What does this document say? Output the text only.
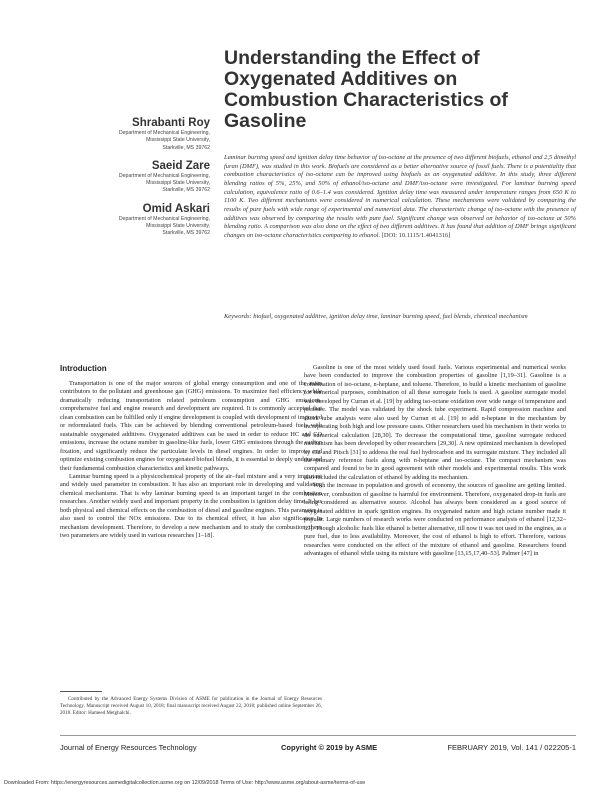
Understanding the Effect of Oxygenated Additives on Combustion Characteristics of Gasoline
Shrabanti Roy
Department of Mechanical Engineering,
Mississippi State University,
Starkville, MS 39762
Saeid Zare
Department of Mechanical Engineering,
Mississippi State University,
Starkville, MS 39762
Omid Askari
Department of Mechanical Engineering,
Mississippi State University,
Starkville, MS 39762

Laminar burning speed and ignition delay time behavior of iso-octane at the presence of two different biofuels, ethanol and 2,5 dimethyl furan (DMF), was studied in this work. Biofuels are considered as a better alternative source of fossil fuels. There is a potentiality that combustion characteristics of iso-octane can be improved using biofuels as an oxygenated additive. In this study, three different blending ratios of 5%, 25%, and 50% of ethanol/iso-octane and DMF/iso-octane were investigated. For laminar burning speed calculation, equivalence ratio of 0.6–1.4 was considered. Ignition delay time was measured under temperature ranges from 650 K to 1100 K. Two different mechanisms were considered in numerical calculation. These mechanisms were validated by comparing the results of pure fuels with wide range of experimental and numerical data. The characteristic change of iso-octane with the presence of additives was observed by comparing the results with pure fuel. Significant change was observed on behavior of iso-octane at 50% blending ratio. A comparison was also done on the effect of two different additives. It has found that addition of DMF brings significant changes on iso-octane characteristics comparing to ethanol. [DOI: 10.1115/1.4041316]

Keywords: biofuel, oxygenated additive, ignition delay time, laminar burning speed, fuel blends, chemical mechanism

Introduction

Transportation is one of the major sources of global energy consumption and one of the main contributors to the pollutant and greenhouse gas (GHG) emissions. To maximize fuel efficiency while dramatically reducing transportation related petroleum consumption and GHG emissions, comprehensive fuel and engine research and development are required. It is commonly accepted that clean combustion can be fulfilled only if engine development is coupled with development of improved or reformulated fuels. This can be achieved by blending conventional petroleum-based fuels with sustainable oxygenated additives. Oxygenated additives can be used in order to reduce HC and CO emissions, increase the octane number in gasoline-like fuels, lower GHG emissions through the carbon fixation, and significantly reduce the particulate levels in diesel engines. In order to improve and optimize existing combustion engines for oxygenated biofuel blends, it is essential to deeply understand their fundamental combustion characteristics and kinetic pathways.

Laminar burning speed is a physicochemical property of the air–fuel mixture and a very important and widely used parameter in combustion. It has also an important role in developing and validating chemical mechanisms. That is why laminar burning speed is an important target in the combustion researches. Another widely used and important property in the combustion is ignition delay time. It has both physical and chemical effects on the combustion of diesel and gasoline engines. This parameter is also used to control the NOx emissions. Due to its chemical effect, it has also significance in mechanism development. Therefore, to develop a new mechanism and to study the combustion, these two parameters are widely used in various researches [1–18].

Gasoline is one of the most widely used fossil fuels. Various experimental and numerical works have been conducted to improve the combustion properties of gasoline [1,19–31]. Gasoline is a combination of iso-octane, n-heptane, and toluene. Therefore, to build a kinetic mechanism of gasoline for numerical purposes, combination of all these surrogate fuels is used. A gasoline surrogate model was developed by Curran et al. [19] by adding iso-octane oxidation over wide range of temperature and pressure. The model was validated by the shock tube experiment. Rapid compression machine and shock tube analysis were also used by Curran et al. [19] to add n-heptane in the mechanism by incorporating both high and low pressure cases. Other researchers used his mechanism in their works to do numerical calculation [28,30]. To decrease the computational time, gasoline surrogate reduced mechanism has been developed by other researchers [29,30]. A new optimized mechanism is developed by Cai and Pitsch [31] to address the real fuel hydrocarbon and its surrogate mixture. They included all the primary reference fuels along with n-heptane and iso-octane. The compact mechanism was compared and found to be in good agreement with other models and experimental results. This work also included the calculation of ethanol by adding its mechanism.

With the increase in population and growth of economy, the sources of gasoline are getting limited. Moreover, combustion of gasoline is harmful for environment. Therefore, oxygenated drop-in fuels are being considered as alternative source. Alcohol has always been considered as a good source of oxygenated additive in spark ignition engines. Its oxygenated nature and high octane number made it popular. Large numbers of research works were conducted on performance analysis of ethanol [12,32–39]. Though alcoholic fuels like ethanol is better alternative, till now it was not used in the engines, as a pure fuel, due to less availability. Moreover, the cost of ethanol is high to effort. Therefore, various researches were conducted on the effect of the mixture of ethanol and gasoline. Researchers found advantages of ethanol while using its mixture with gasoline [13,15,17,40–53]. Palmer [47] in

Contributed by the Advanced Energy Systems Division of ASME for publication in the Journal of Energy Resources Technology. Manuscript received August 10, 2018; final manuscript received August 22, 2018; published online September 26, 2018. Editor: Hameed Metghalchi.

Journal of Energy Resources Technology	Copyright © 2019 by ASME	FEBRUARY 2019, Vol. 141 / 022205-1
Downloaded From: https://energyresources.asmedigitalcollection.asme.org on 12/09/2018 Terms of Use: http://www.asme.org/about-asme/terms-of-use
